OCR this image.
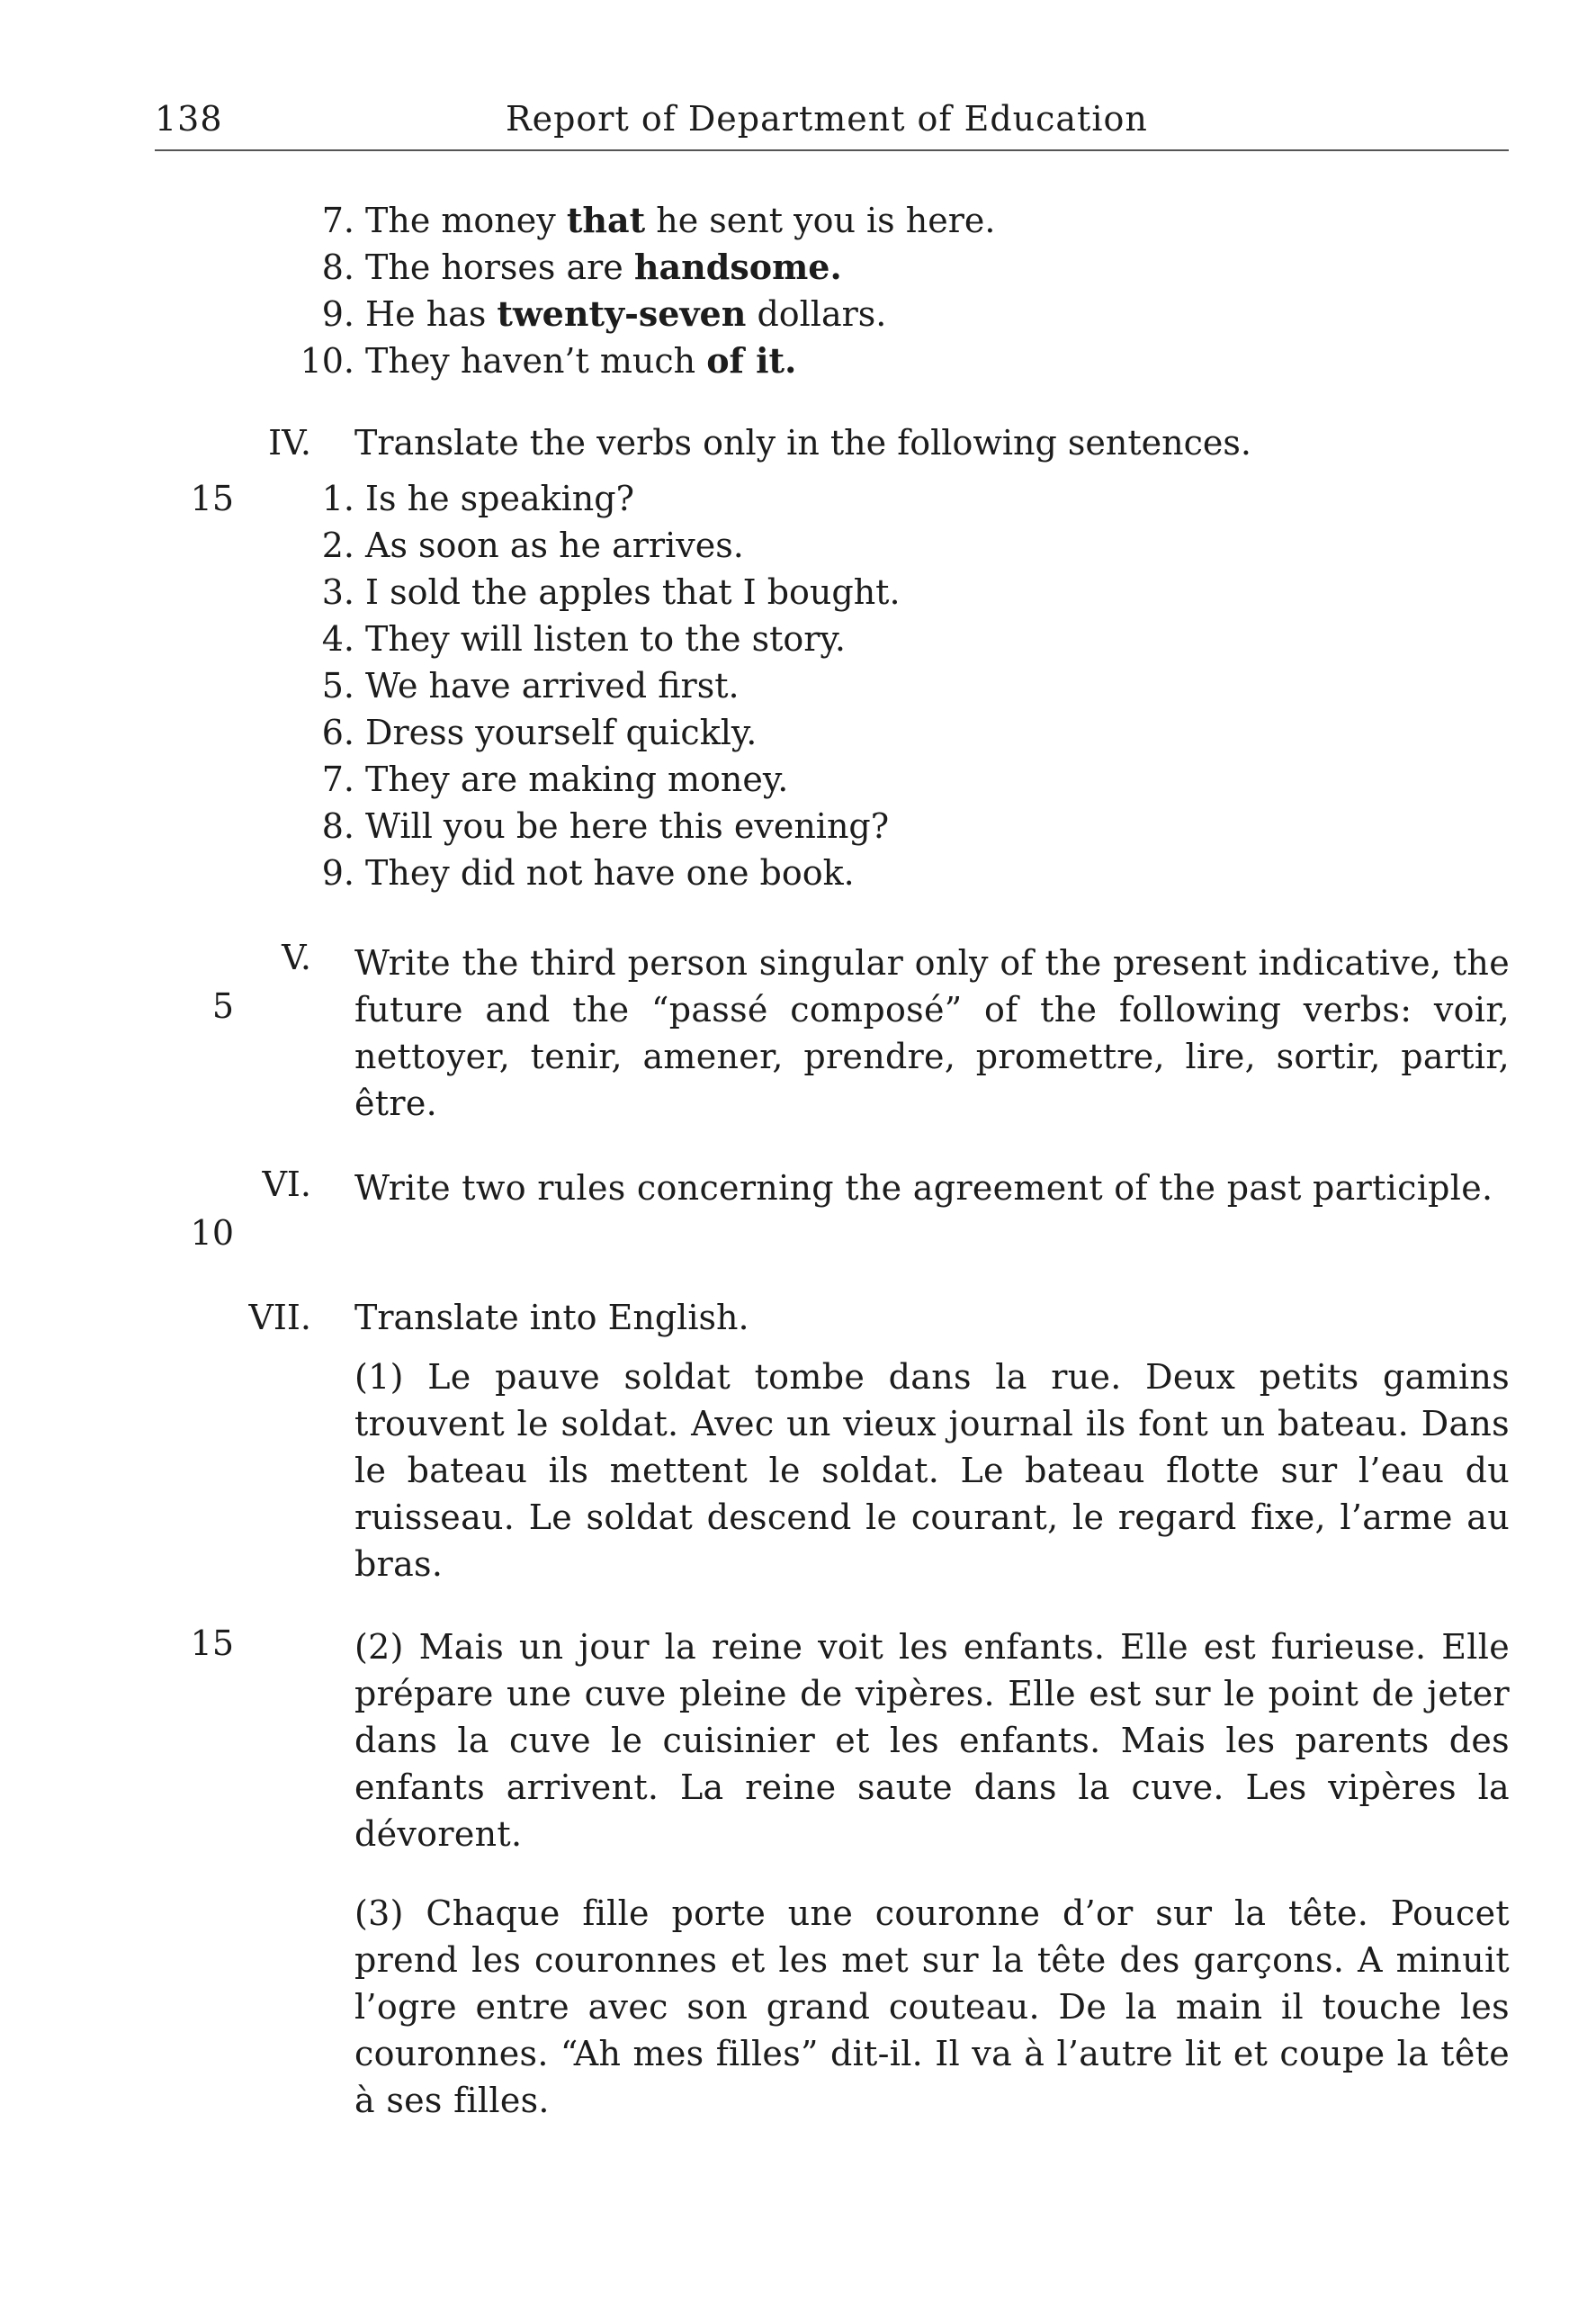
138	Report of Department of Education
7. The money that he sent you is here.
8. The horses are handsome.
9. He has twenty-seven dollars.
10. They haven’t much of it.
IV.
15
Translate the verbs only in the following sentences.
1. Is he speaking?
2. As soon as he arrives.
3. I sold the apples that I bought.
4. They will listen to the story.
5. We have arrived first.
6. Dress yourself quickly.
7. They are making money.
8. Will you be here this evening?
9. They did not have one book.
V.
5
Write the third person singular only of the present indicative, the future and the “passé composé” of the following verbs: voir, nettoyer, tenir, amener, prendre, promettre, lire, sortir, partir, être.
VI.
10
Write two rules concerning the agreement of the past participle.
VII. Translate into English.
(1) Le pauve soldat tombe dans la rue. Deux petits gamins trouvent le soldat. Avec un vieux journal ils font un bateau. Dans le bateau ils mettent le soldat. Le bateau flotte sur l’eau du ruisseau. Le soldat descend le courant, le regard fixe, l’arme au bras.
15	(2) Mais un jour la reine voit les enfants. Elle est furieuse. Elle prépare une cuve pleine de vipères. Elle est sur le point de jeter dans la cuve le cuisinier et les enfants. Mais les parents des enfants arrivent. La reine saute dans la cuve. Les vipères la dévorent.
(3) Chaque fille porte une couronne d’or sur la tête. Poucet prend les couronnes et les met sur la tête des garçons. A minuit l’ogre entre avec son grand couteau. De la main il touche les couronnes. “Ah mes filles” dit-il. Il va à l’autre lit et coupe la tête à ses filles.
